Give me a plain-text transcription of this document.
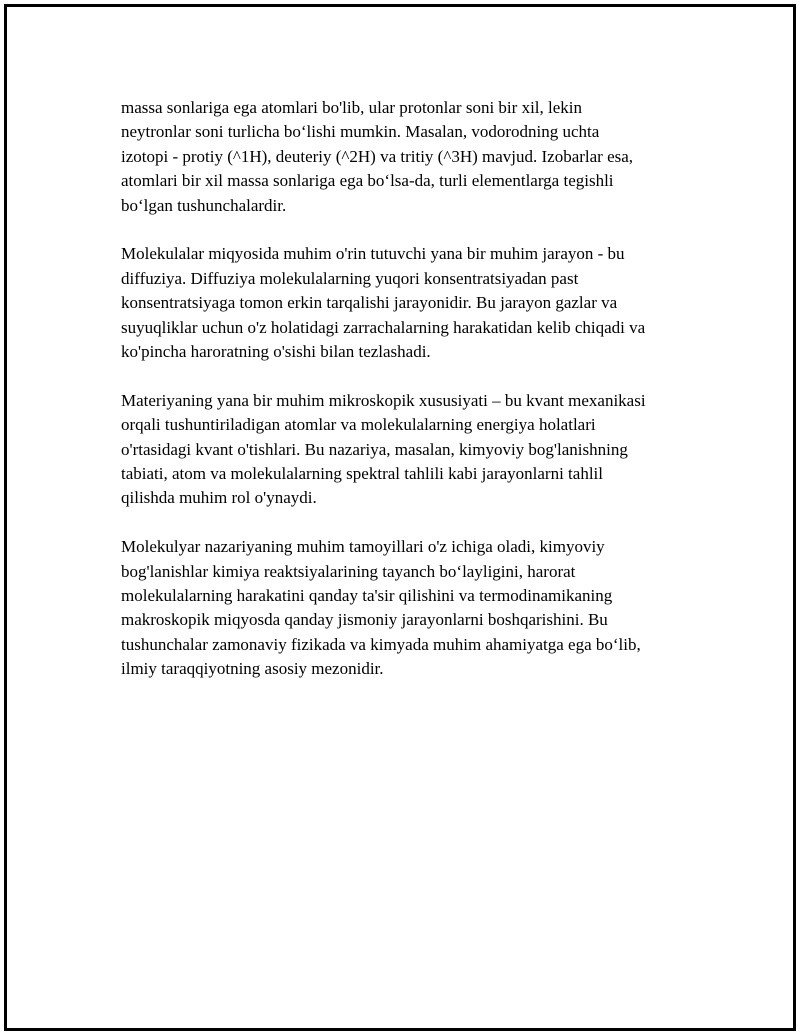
massa sonlariga ega atomlari bo'lib, ular protonlar soni bir xil, lekin
neytronlar soni turlicha bo‘lishi mumkin. Masalan, vodorodning uchta
izotopi - protiy (^1H), deuteriy (^2H) va tritiy (^3H) mavjud. Izobarlar esa,
atomlari bir xil massa sonlariga ega bo‘lsa-da, turli elementlarga tegishli
bo‘lgan tushunchalardir.

Molekulalar miqyosida muhim o'rin tutuvchi yana bir muhim jarayon - bu
diffuziya. Diffuziya molekulalarning yuqori konsentratsiyadan past
konsentratsiyaga tomon erkin tarqalishi jarayonidir. Bu jarayon gazlar va
suyuqliklar uchun o'z holatidagi zarrachalarning harakatidan kelib chiqadi va
ko'pincha haroratning o'sishi bilan tezlashadi.

Materiyaning yana bir muhim mikroskopik xususiyati – bu kvant mexanikasi
orqali tushuntiriladigan atomlar va molekulalarning energiya holatlari
o'rtasidagi kvant o'tishlari. Bu nazariya, masalan, kimyoviy bog'lanishning
tabiati, atom va molekulalarning spektral tahlili kabi jarayonlarni tahlil
qilishda muhim rol o'ynaydi.

Molekulyar nazariyaning muhim tamoyillari o'z ichiga oladi, kimyoviy
bog'lanishlar kimiya reaktsiyalarining tayanch bo‘layligini, harorat
molekulalarning harakatini qanday ta'sir qilishini va termodinamikaning
makroskopik miqyosda qanday jismoniy jarayonlarni boshqarishini. Bu
tushunchalar zamonaviy fizikada va kimyada muhim ahamiyatga ega bo‘lib,
ilmiy taraqqiyotning asosiy mezonidir.
